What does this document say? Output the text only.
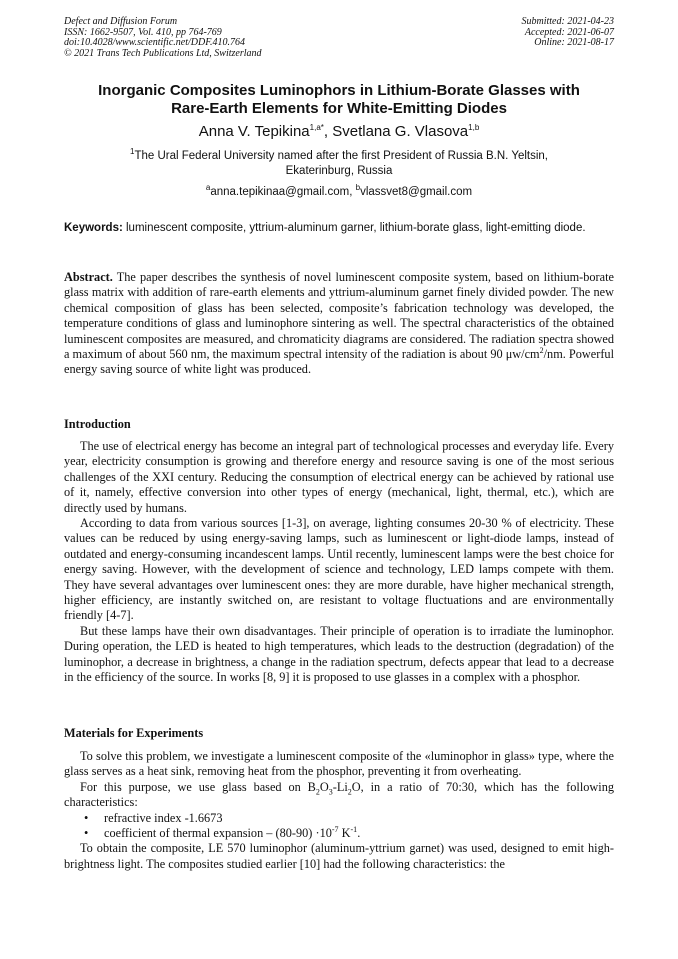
Defect and Diffusion Forum
ISSN: 1662-9507, Vol. 410, pp 764-769
doi:10.4028/www.scientific.net/DDF.410.764
© 2021 Trans Tech Publications Ltd, Switzerland
Submitted: 2021-04-23
Accepted: 2021-06-07
Online: 2021-08-17
Inorganic Composites Luminophors in Lithium-Borate Glasses with
Rare-Earth Elements for White-Emitting Diodes
Anna V. Tepikina$^{1,a*}$, Svetlana G. Vlasova$^{1,b}$
$^1$The Ural Federal University named after the first President of Russia B.N. Yeltsin,
Ekaterinburg, Russia
$^a$anna.tepikinaa@gmail.com, $^b$vlassvet8@gmail.com
Keywords: luminescent composite, yttrium-aluminum garner, lithium-borate glass, light-emitting diode.

Abstract. The paper describes the synthesis of novel luminescent composite system, based on lithium-borate glass matrix with addition of rare-earth elements and yttrium-aluminum garnet finely divided powder. The new chemical composition of glass has been selected, composite’s fabrication technology was developed, the temperature conditions of glass and luminophore sintering as well. The spectral characteristics of the obtained luminescent composites are measured, and chromaticity diagrams are considered. The radiation spectra showed a maximum of about 560 nm, the maximum spectral intensity of the radiation is about 90 $\mu w/cm^2/nm$. Powerful energy saving source of white light was produced.

Introduction

The use of electrical energy has become an integral part of technological processes and everyday life. Every year, electricity consumption is growing and therefore energy and resource saving is one of the most serious challenges of the XXI century. Reducing the consumption of electrical energy can be achieved by rational use of it, namely, effective conversion into other types of energy (mechanical, light, thermal, etc.), which are directly used by humans.

According to data from various sources [1-3], on average, lighting consumes 20-30 % of electricity. These values can be reduced by using energy-saving lamps, such as luminescent or light-diode lamps, instead of outdated and energy-consuming incandescent lamps. Until recently, luminescent lamps were the best choice for energy saving. However, with the development of science and technology, LED lamps compete with them. They have several advantages over luminescent ones: they are more durable, have higher mechanical strength, higher efficiency, are instantly switched on, are resistant to voltage fluctuations and are environmentally friendly [4-7].

But these lamps have their own disadvantages. Their principle of operation is to irradiate the luminophor. During operation, the LED is heated to high temperatures, which leads to the destruction (degradation) of the luminophor, a decrease in brightness, a change in the radiation spectrum, defects appear that lead to a decrease in the efficiency of the source. In works [8, 9] it is proposed to use glasses in a complex with a phosphor.

Materials for Experiments

To solve this problem, we investigate a luminescent composite of the «luminophor in glass» type, where the glass serves as a heat sink, removing heat from the phosphor, preventing it from overheating.

For this purpose, we use glass based on $B_2O_3-Li_2O$, in a ratio of 70:30, which has the following characteristics:

• refractive index -1.6673
• coefficient of thermal expansion – $(80-90) \cdot 10^{-7}$ $K^{-1}$.

To obtain the composite, LE 570 luminophor (aluminum-yttrium garnet) was used, designed to emit high-brightness light. The composites studied earlier [10] had the following characteristics: the
